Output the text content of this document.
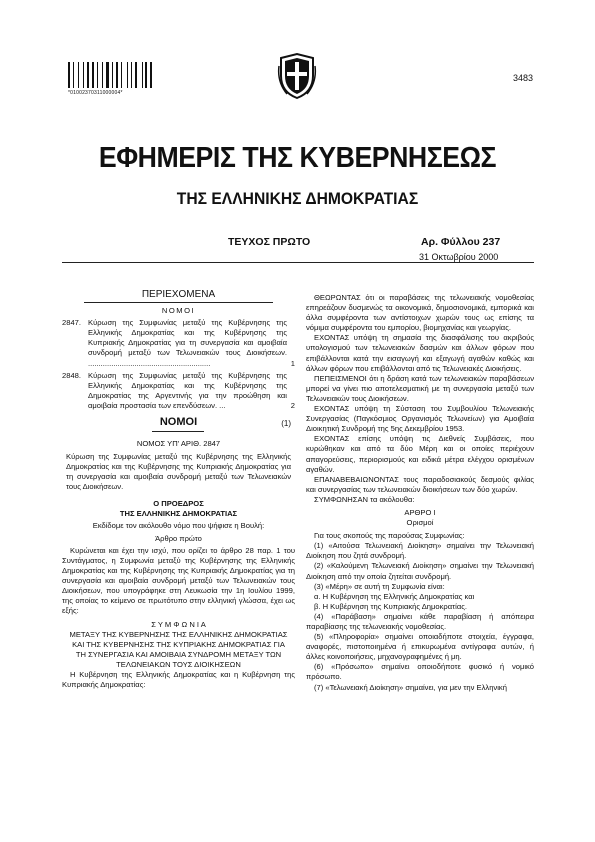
*01002370311000004*
3483
ΕΦΗΜΕΡΙΣ ΤΗΣ ΚΥΒΕΡΝΗΣΕΩΣ
ΤΗΣ ΕΛΛΗΝΙΚΗΣ ΔΗΜΟΚΡΑΤΙΑΣ
ΤΕΥΧΟΣ ΠΡΩΤΟ	Αρ. Φύλλου 237
31 Οκτωβρίου 2000
ΠΕΡΙΕΧΟΜΕΝΑ

ΝΟΜΟΙ

2847. Κύρωση της Συμφωνίας μεταξύ της Κυβέρνησης της Ελληνικής Δημοκρατίας και της Κυβέρνησης της Κυπριακής Δημοκρατίας για τη συνεργασία και αμοιβαία συνδρομή μεταξύ των Τελωνειακών τους Διοικήσεων. ..........................................................	1
2848. Κύρωση της Συμφωνίας μεταξύ της Κυβέρνησης της Ελληνικής Δημοκρατίας και της Κυβέρνησης της Δημοκρατίας της Αργεντινής για την προώθηση και αμοιβαία προστασία των επενδύσεων. ...	2
ΝΟΜΟΙ	(1)

ΝΟΜΟΣ ΥΠ' ΑΡΙΘ. 2847

Κύρωση της Συμφωνίας μεταξύ της Κυβέρνησης της Ελληνικής Δημοκρατίας και της Κυβέρνησης της Κυπριακής Δημοκρατίας για τη συνεργασία και αμοιβαία συνδρομή μεταξύ των Τελωνειακών τους Διοικήσεων.

Ο ΠΡΟΕΔΡΟΣ

ΤΗΣ ΕΛΛΗΝΙΚΗΣ ΔΗΜΟΚΡΑΤΙΑΣ

Εκδίδομε τον ακόλουθο νόμο που ψήφισε η Βουλή:

Άρθρο πρώτο

Κυρώνεται και έχει την ισχύ, που ορίζει το άρθρο 28 παρ. 1 του Συντάγματος, η Συμφωνία μεταξύ της Κυβέρνησης της Ελληνικής Δημοκρατίας και της Κυβέρνησης της Κυπριακής Δημοκρατίας για τη συνεργασία και αμοιβαία συνδρομή μεταξύ των Τελωνειακών τους Διοικήσεων, που υπογράφηκε στη Λευκωσία την 1η Ιουλίου 1999, της οποίας το κείμενο σε πρωτότυπο στην ελληνική γλώσσα, έχει ως εξής:

Σ Υ Μ Φ Ω Ν Ι Α

ΜΕΤΑΞΥ ΤΗΣ ΚΥΒΕΡΝΗΣΗΣ ΤΗΣ ΕΛΛΗΝΙΚΗΣ ΔΗΜΟΚΡΑΤΙΑΣ ΚΑΙ ΤΗΣ ΚΥΒΕΡΝΗΣΗΣ ΤΗΣ ΚΥΠΡΙΑΚΗΣ ΔΗΜΟΚΡΑΤΙΑΣ ΓΙΑ ΤΗ ΣΥΝΕΡΓΑΣΙΑ ΚΑΙ ΑΜΟΙΒΑΙΑ ΣΥΝΔΡΟΜΗ ΜΕΤΑΞΥ ΤΩΝ ΤΕΛΩΝΕΙΑΚΩΝ ΤΟΥΣ ΔΙΟΙΚΗΣΕΩΝ

Η Κυβέρνηση της Ελληνικής Δημοκρατίας και η Κυβέρνηση της Κυπριακής Δημοκρατίας:

ΘΕΩΡΩΝΤΑΣ ότι οι παραβάσεις της τελωνειακής νομοθεσίας επηρεάζουν δυσμενώς τα οικονομικά, δημοσιονομικά, εμπορικά και άλλα συμφέροντα των αντίστοιχων χωρών τους ως επίσης τα νόμιμα συμφέροντα του εμπορίου, βιομηχανίας και γεωργίας.

ΕΧΟΝΤΑΣ υπόψη τη σημασία της διασφάλισης του ακριβούς υπολογισμού των τελωνειακών δασμών και άλλων φόρων που επιβάλλονται κατά την εισαγωγή και εξαγωγή αγαθών καθώς και άλλων φόρων που επιβάλλονται από τις Τελωνειακές Διοικήσεις.

ΠΕΠΕΙΣΜΕΝΟΙ ότι η δράση κατά των τελωνειακών παραβάσεων μπορεί να γίνει πιο αποτελεσματική με τη συνεργασία μεταξύ των Τελωνειακών τους Διοικήσεων.

ΕΧΟΝΤΑΣ υπόψη τη Σύσταση του Συμβουλίου Τελωνειακής Συνεργασίας (Παγκόσμιος Οργανισμός Τελωνείων) για Αμοιβαία Διοικητική Συνδρομή της 5ης Δεκεμβρίου 1953.

ΕΧΟΝΤΑΣ επίσης υπόψη τις Διεθνείς Συμβάσεις, που κυρώθηκαν και από τα δύο Μέρη και οι οποίες περιέχουν απαγορεύσεις, περιορισμούς και ειδικά μέτρα ελέγχου ορισμένων αγαθών.

ΕΠΑΝΑΒΕΒΑΙΩΝΟΝΤΑΣ τους παραδοσιακούς δεσμούς φιλίας και συνεργασίας των τελωνειακών διοικήσεων των δύο χωρών.

ΣΥΜΦΩΝΗΣΑΝ τα ακόλουθα:

ΑΡΘΡΟ Ι

Ορισμοί

Για τους σκοπούς της παρούσας Συμφωνίας:

(1) «Αιτούσα Τελωνειακή Διοίκηση» σημαίνει την Τελωνειακή Διοίκηση που ζητά συνδρομή.

(2) «Καλούμενη Τελωνειακή Διοίκηση» σημαίνει την Τελωνειακή Διοίκηση από την οποία ζητείται συνδρομή.

(3) «Μέρη» σε αυτή τη Συμφωνία είναι:

α. Η Κυβέρνηση της Ελληνικής Δημοκρατίας και

β. Η Κυβέρνηση της Κυπριακής Δημοκρατίας.

(4) «Παράβαση» σημαίνει κάθε παραβίαση ή απόπειρα παραβίασης της τελωνειακής νομοθεσίας.

(5) «Πληροφορία» σημαίνει οποιαδήποτε στοιχεία, έγγραφα, αναφορές, πιστοποιημένα ή επικυρωμένα αντίγραφα αυτών, ή άλλες κοινοποιήσεις, μηχανογραφημένες ή μη.

(6) «Πρόσωπο» σημαίνει οποιοδήποτε φυσικό ή νομικό πρόσωπο.

(7) «Τελωνειακή Διοίκηση» σημαίνει, για μεν την Ελληνική
